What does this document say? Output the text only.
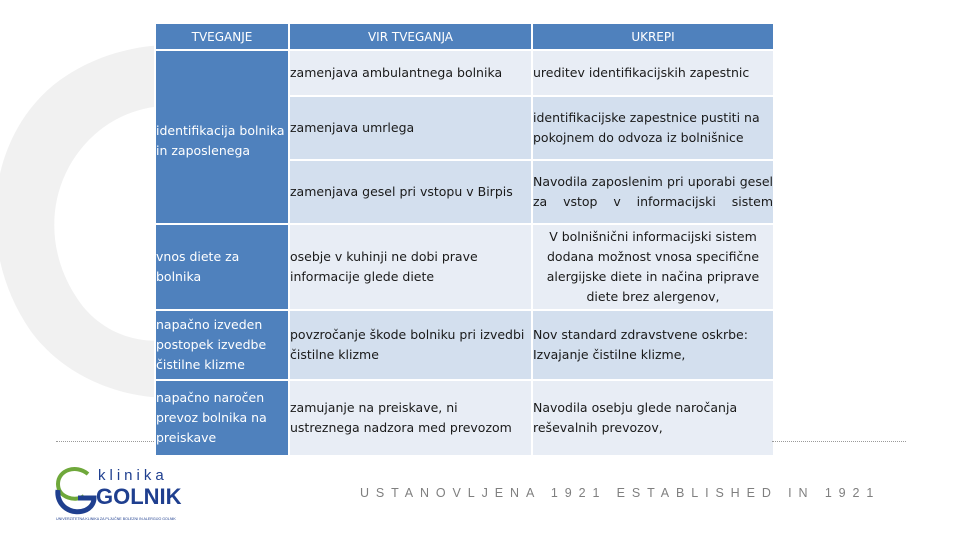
TVEGANJE	VIR TVEGANJA	UKREPI
identifikacija bolnika in zaposlenega	zamenjava ambulantnega bolnika	ureditev identifikacijskih zapestnic
	zamenjava umrlega	identifikacijske zapestnice pustiti na pokojnem do odvoza iz bolnišnice
	zamenjava gesel pri vstopu v Birpis	Navodila zaposlenim pri uporabi gesel za vstop v informacijski sistem
vnos diete za bolnika	osebje v kuhinji ne dobi prave informacije glede diete	V bolnišnični informacijski sistem dodana možnost vnosa specifične alergijske diete in načina priprave diete brez alergenov,
napačno izveden postopek izvedbe čistilne klizme	povzročanje škode bolniku pri izvedbi čistilne klizme	Nov standard zdravstvene oskrbe: Izvajanje čistilne klizme,
napačno naročen prevoz bolnika na preiskave	zamujanje na preiskave, ni ustreznega nadzora med prevozom	Navodila osebju glede naročanja reševalnih prevozov,
klinika
GOLNIK
UNIVERZITETNA KLINIKA ZA PLJUČNE BOLEZNI IN ALERGIJO GOLNIK
USTANOVLJENA 1921 ESTABLISHED IN 1921
